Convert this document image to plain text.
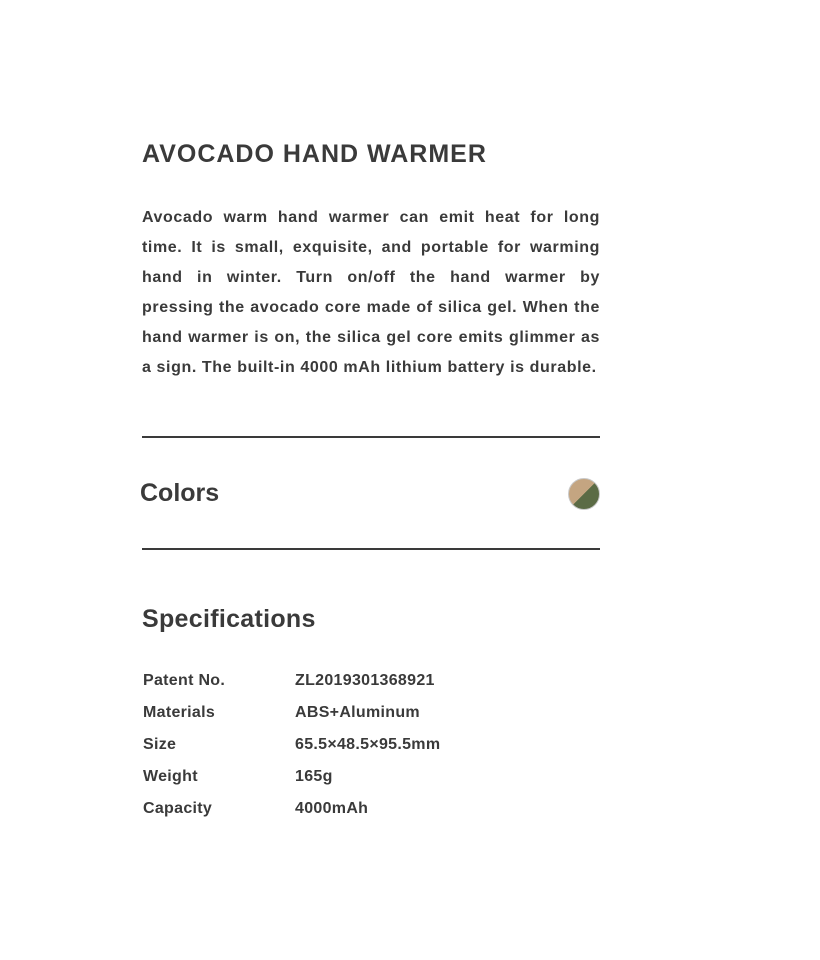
AVOCADO HAND WARMER

Avocado warm hand warmer can emit heat for long time. It is small, exquisite, and portable for warming hand in winter. Turn on/off the hand warmer by pressing the avocado core made of silica gel. When the hand warmer is on, the silica gel core emits glimmer as a sign. The built-in 4000 mAh lithium battery is durable.

Colors
Specifications
Patent No.	ZL2019301368921
Materials	ABS+Aluminum
Size	65.5×48.5×95.5mm
Weight	165g
Capacity	4000mAh
